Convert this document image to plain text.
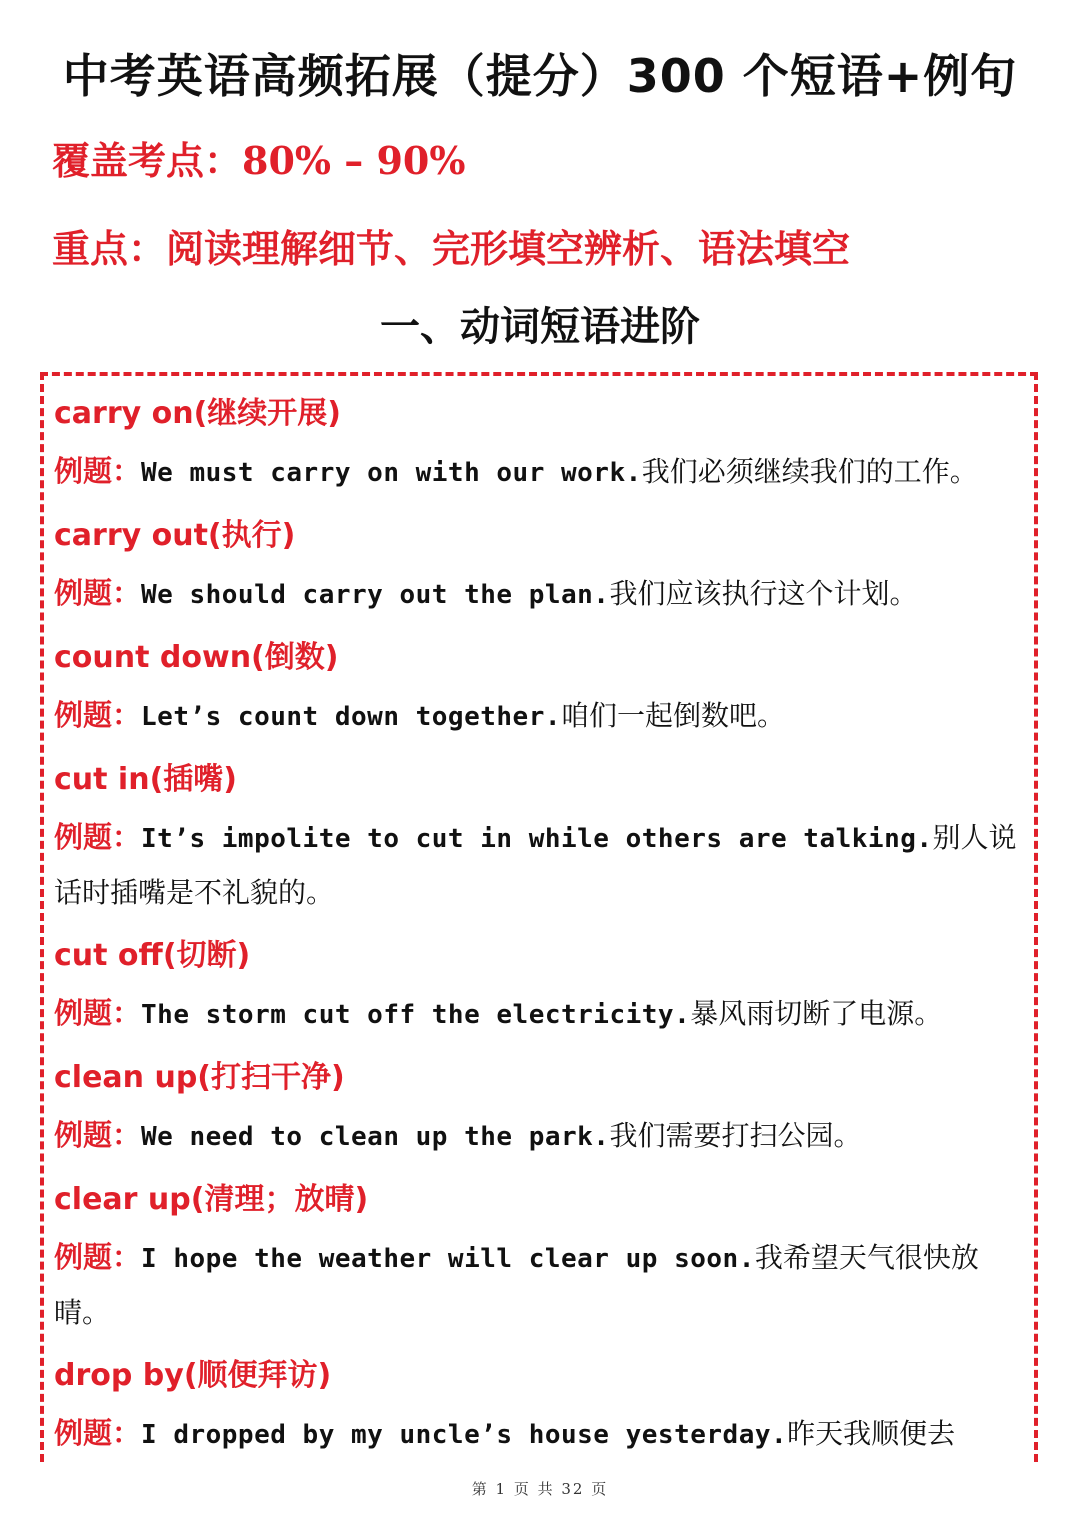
中考英语高频拓展（提分）300 个短语+例句
覆盖考点：80% – 90%
重点：阅读理解细节、完形填空辨析、语法填空
一、动词短语进阶
carry on(继续开展)
例题：We must carry on with our work.我们必须继续我们的工作。
carry out(执行)
例题：We should carry out the plan.我们应该执行这个计划。
count down(倒数)
例题：Let’s count down together.咱们一起倒数吧。
cut in(插嘴)
例题：It’s impolite to cut in while others are talking.别人说话时插嘴是不礼貌的。
cut off(切断)
例题：The storm cut off the electricity.暴风雨切断了电源。
clean up(打扫干净)
例题：We need to clean up the park.我们需要打扫公园。
clear up(清理；放晴)
例题：I hope the weather will clear up soon.我希望天气很快放晴。
drop by(顺便拜访)
例题：I dropped by my uncle’s house yesterday.昨天我顺便去
第 1 页 共 32 页
